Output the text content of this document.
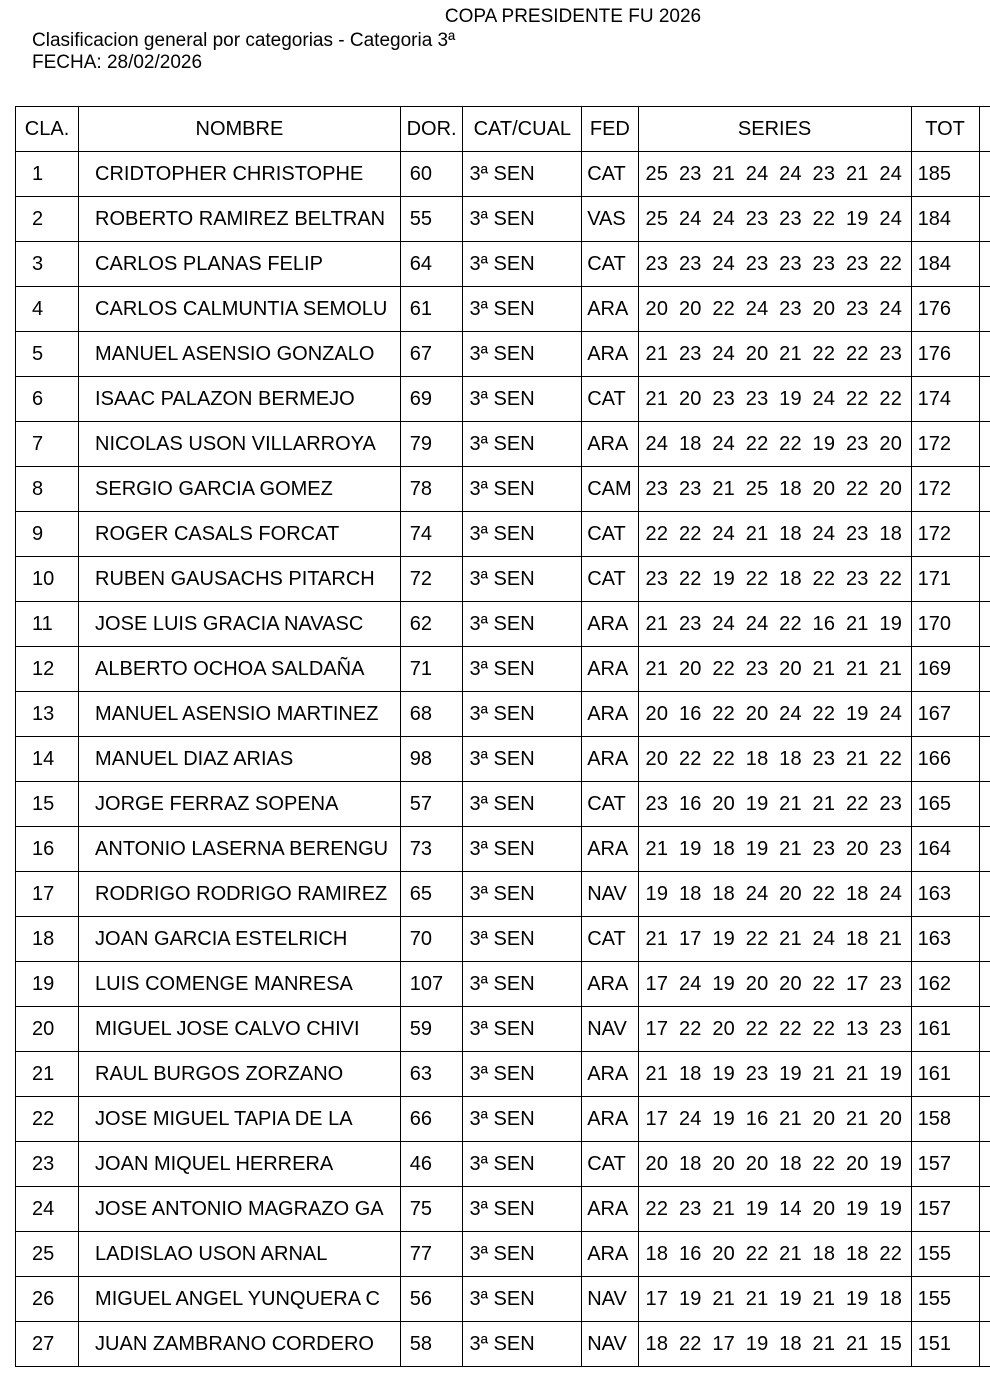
COPA PRESIDENTE FU 2026
Clasificacion general por categorias - Categoria 3ª
FECHA: 28/02/2026
CLA.	NOMBRE	DOR.	CAT/CUAL	FED	SERIES	TOT	
1	CRIDTOPHER CHRISTOPHE	60	3ª SEN	CAT	25 23 21 24 24 23 21 24	185	
2	ROBERTO RAMIREZ BELTRAN	55	3ª SEN	VAS	25 24 24 23 23 22 19 24	184	
3	CARLOS PLANAS FELIP	64	3ª SEN	CAT	23 23 24 23 23 23 23 22	184	
4	CARLOS CALMUNTIA SEMOLU	61	3ª SEN	ARA	20 20 22 24 23 20 23 24	176	
5	MANUEL ASENSIO GONZALO	67	3ª SEN	ARA	21 23 24 20 21 22 22 23	176	
6	ISAAC PALAZON BERMEJO	69	3ª SEN	CAT	21 20 23 23 19 24 22 22	174	
7	NICOLAS USON VILLARROYA	79	3ª SEN	ARA	24 18 24 22 22 19 23 20	172	
8	SERGIO GARCIA GOMEZ	78	3ª SEN	CAM	23 23 21 25 18 20 22 20	172	
9	ROGER CASALS FORCAT	74	3ª SEN	CAT	22 22 24 21 18 24 23 18	172	
10	RUBEN GAUSACHS PITARCH	72	3ª SEN	CAT	23 22 19 22 18 22 23 22	171	
11	JOSE LUIS GRACIA NAVASC	62	3ª SEN	ARA	21 23 24 24 22 16 21 19	170	
12	ALBERTO OCHOA SALDAÑA	71	3ª SEN	ARA	21 20 22 23 20 21 21 21	169	
13	MANUEL ASENSIO MARTINEZ	68	3ª SEN	ARA	20 16 22 20 24 22 19 24	167	
14	MANUEL DIAZ ARIAS	98	3ª SEN	ARA	20 22 22 18 18 23 21 22	166	
15	JORGE FERRAZ SOPENA	57	3ª SEN	CAT	23 16 20 19 21 21 22 23	165	
16	ANTONIO LASERNA BERENGU	73	3ª SEN	ARA	21 19 18 19 21 23 20 23	164	
17	RODRIGO RODRIGO RAMIREZ	65	3ª SEN	NAV	19 18 18 24 20 22 18 24	163	
18	JOAN GARCIA ESTELRICH	70	3ª SEN	CAT	21 17 19 22 21 24 18 21	163	
19	LUIS COMENGE MANRESA	107	3ª SEN	ARA	17 24 19 20 20 22 17 23	162	
20	MIGUEL JOSE CALVO CHIVI	59	3ª SEN	NAV	17 22 20 22 22 22 13 23	161	
21	RAUL BURGOS ZORZANO	63	3ª SEN	ARA	21 18 19 23 19 21 21 19	161	
22	JOSE MIGUEL TAPIA DE LA	66	3ª SEN	ARA	17 24 19 16 21 20 21 20	158	
23	JOAN MIQUEL HERRERA	46	3ª SEN	CAT	20 18 20 20 18 22 20 19	157	
24	JOSE ANTONIO MAGRAZO GA	75	3ª SEN	ARA	22 23 21 19 14 20 19 19	157	
25	LADISLAO USON ARNAL	77	3ª SEN	ARA	18 16 20 22 21 18 18 22	155	
26	MIGUEL ANGEL YUNQUERA C	56	3ª SEN	NAV	17 19 21 21 19 21 19 18	155	
27	JUAN ZAMBRANO CORDERO	58	3ª SEN	NAV	18 22 17 19 18 21 21 15	151	
